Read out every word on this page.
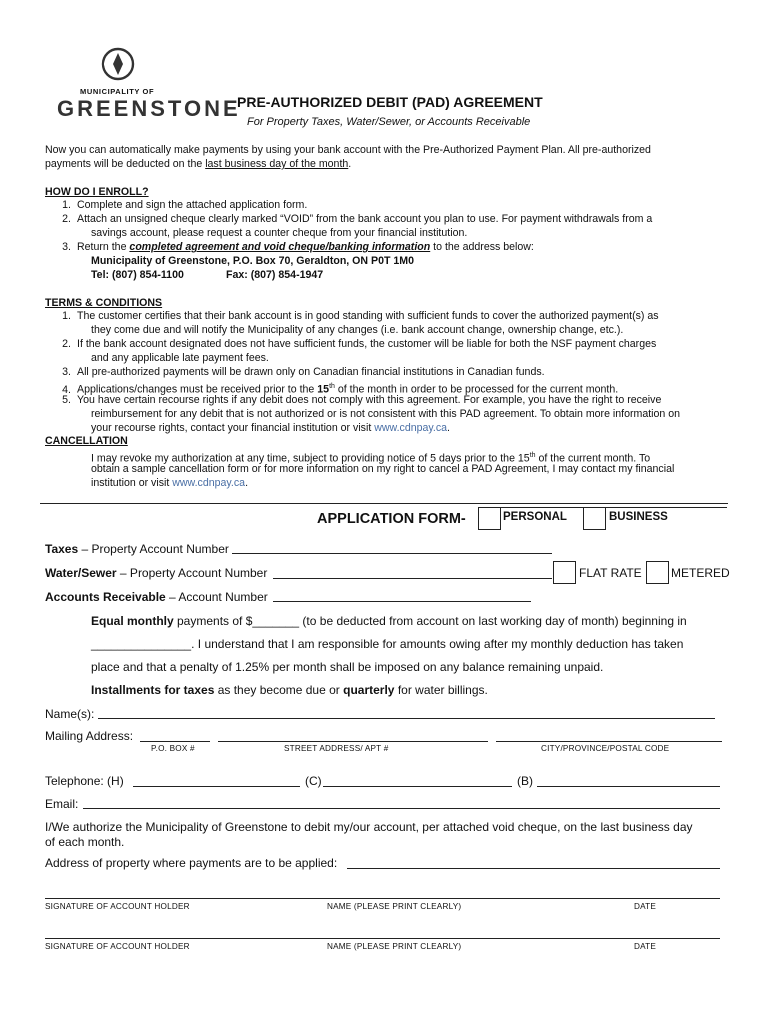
MUNICIPALITY OF
GREENSTONE
PRE-AUTHORIZED DEBIT (PAD) AGREEMENT
For Property Taxes, Water/Sewer, or Accounts Receivable
Now you can automatically make payments by using your bank account with the Pre-Authorized Payment Plan. All pre-authorized
payments will be deducted on the last business day of the month.
HOW DO I ENROLL?
1. Complete and sign the attached application form.
2. Attach an unsigned cheque clearly marked “VOID” from the bank account you plan to use. For payment withdrawals from a
savings account, please request a counter cheque from your financial institution.
3. Return the completed agreement and void cheque/banking information to the address below:
Municipality of Greenstone, P.O. Box 70, Geraldton, ON P0T 1M0
Tel: (807) 854-1100	Fax: (807) 854-1947
TERMS & CONDITIONS
1. The customer certifies that their bank account is in good standing with sufficient funds to cover the authorized payment(s) as
they come due and will notify the Municipality of any changes (i.e. bank account change, ownership change, etc.).
2. If the bank account designated does not have sufficient funds, the customer will be liable for both the NSF payment charges
and any applicable late payment fees.
3. All pre-authorized payments will be drawn only on Canadian financial institutions in Canadian funds.
4. Applications/changes must be received prior to the 15th of the month in order to be processed for the current month.
5. You have certain recourse rights if any debit does not comply with this agreement. For example, you have the right to receive
reimbursement for any debit that is not authorized or is not consistent with this PAD agreement. To obtain more information on
your recourse rights, contact your financial institution or visit www.cdnpay.ca.
CANCELLATION
I may revoke my authorization at any time, subject to providing notice of 5 days prior to the 15th of the current month. To
obtain a sample cancellation form or for more information on my right to cancel a PAD Agreement, I may contact my financial
institution or visit www.cdnpay.ca.
APPLICATION FORM-	PERSONAL	BUSINESS
Taxes – Property Account Number
Water/Sewer – Property Account Number	FLAT RATE METERED
Accounts Receivable – Account Number
Equal monthly payments of $_______ (to be deducted from account on last working day of month) beginning in
_______________. I understand that I am responsible for amounts owing after my monthly deduction has taken
place and that a penalty of 1.25% per month shall be imposed on any balance remaining unpaid.
Installments for taxes as they become due or quarterly for water billings.
Name(s):
Mailing Address:
P.O. BOX #	STREET ADDRESS/ APT #	CITY/PROVINCE/POSTAL CODE
Telephone: (H)	(C)	(B)
Email:
I/We authorize the Municipality of Greenstone to debit my/our account, per attached void cheque, on the last business day
of each month.
Address of property where payments are to be applied:
SIGNATURE OF ACCOUNT HOLDER	NAME (PLEASE PRINT CLEARLY)	DATE
SIGNATURE OF ACCOUNT HOLDER	NAME (PLEASE PRINT CLEARLY)	DATE
